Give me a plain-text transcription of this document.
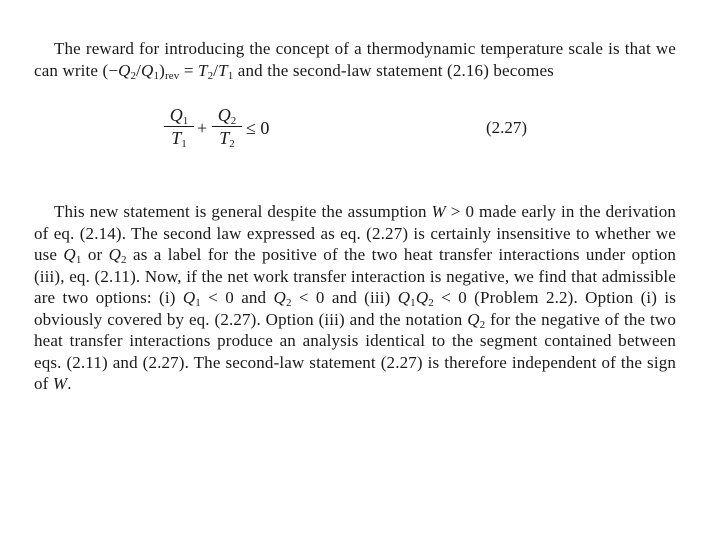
The reward for introducing the concept of a thermodynamic temperature scale is that we can write $(-Q_2/Q_1)_{rev} = T_2/T_1$ and the second-law statement (2.16) becomes

$\frac{Q_1}{T_1} + \frac{Q_2}{T_2} \le 0$	(2.27)

This new statement is general despite the assumption W > 0 made early in the derivation of eq. (2.14). The second law expressed as eq. (2.27) is certainly insensitive to whether we use $Q_1$ or $Q_2$ as a label for the positive of the two heat transfer interactions under option (iii), eq. (2.11). Now, if the net work transfer interaction is negative, we find that admissible are two options: (i) $Q_1 < 0$ and $Q_2 < 0$ and (iii) $Q_1Q_2 < 0$ (Problem 2.2). Option (i) is obviously covered by eq. (2.27). Option (iii) and the notation $Q_2$ for the negative of the two heat transfer interactions produce an analysis identical to the segment contained between eqs. (2.11) and (2.27). The second-law statement (2.27) is therefore independent of the sign of W.
